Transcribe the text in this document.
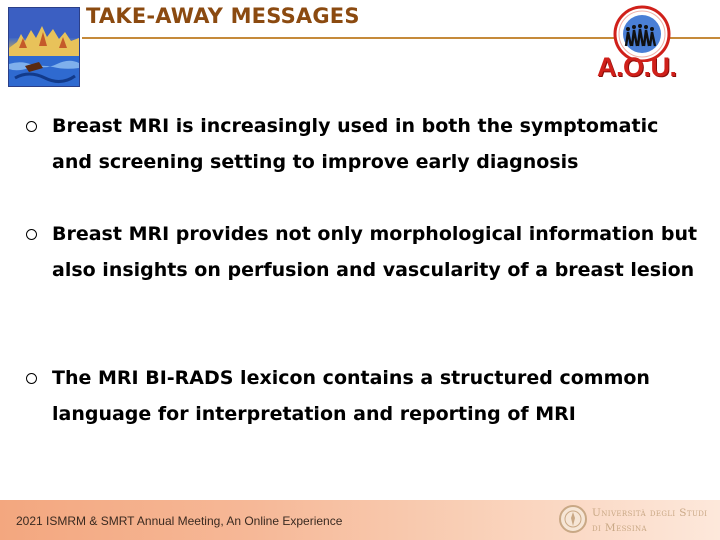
TAKE-AWAY MESSAGES
A.O.U.
Breast MRI is increasingly used in both the symptomatic and screening setting to improve early diagnosis
Breast MRI provides not only morphological information but also insights on perfusion and vascularity of a breast lesion
The MRI BI-RADS lexicon contains a structured common language for interpretation and reporting of MRI
2021 ISMRM & SMRT Annual Meeting, An Online Experience
Università degli Studi
di Messina
